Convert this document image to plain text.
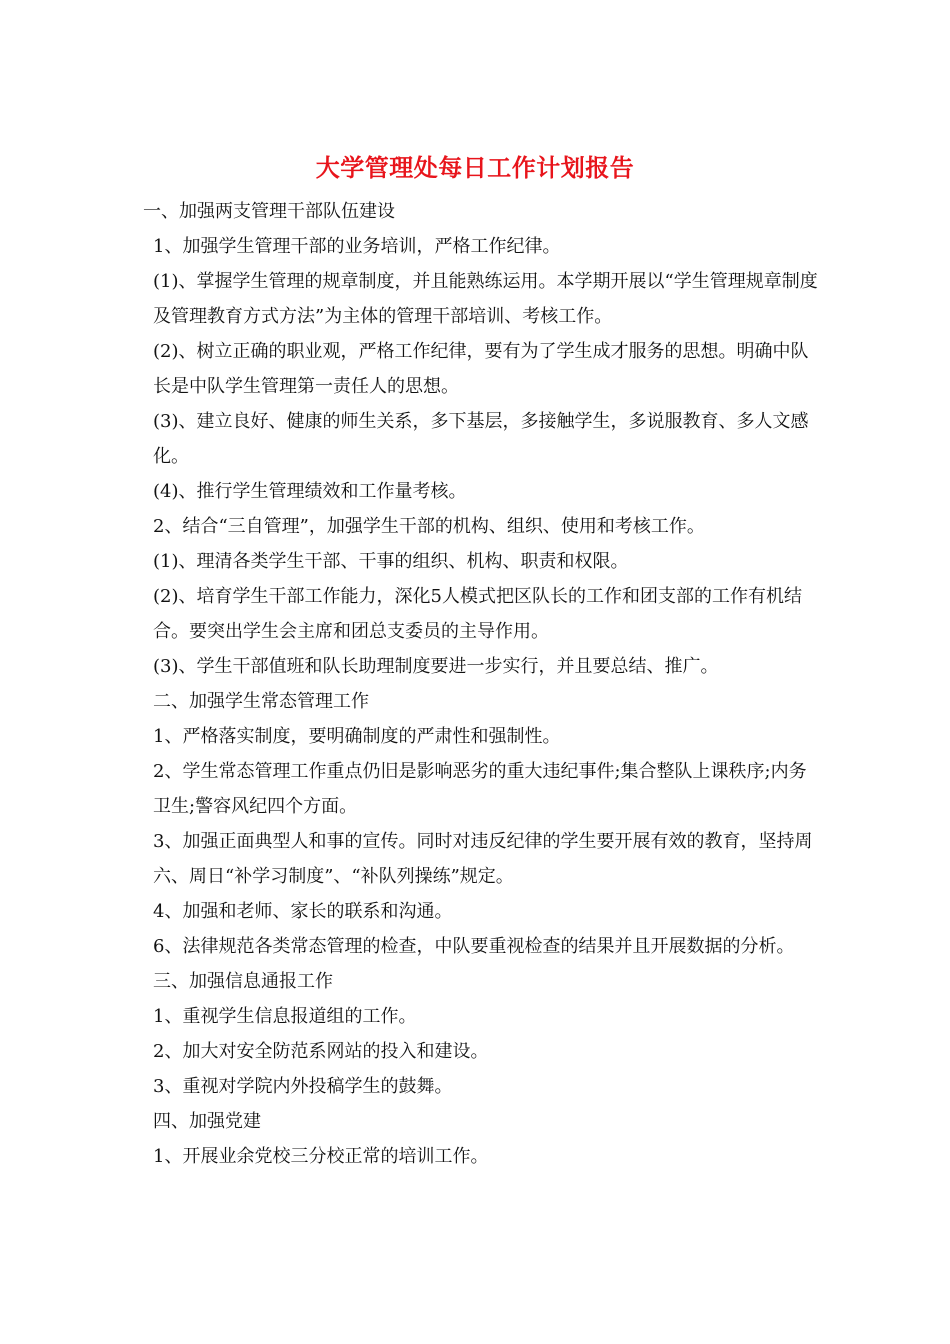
大学管理处每日工作计划报告

一、加强两支管理干部队伍建设

1、加强学生管理干部的业务培训，严格工作纪律。

(1)、掌握学生管理的规章制度，并且能熟练运用。本学期开展以“学生管理规章制度及管理教育方式方法”为主体的管理干部培训、考核工作。

(2)、树立正确的职业观，严格工作纪律，要有为了学生成才服务的思想。明确中队长是中队学生管理第一责任人的思想。

(3)、建立良好、健康的师生关系，多下基层，多接触学生，多说服教育、多人文感化。

(4)、推行学生管理绩效和工作量考核。

2、结合“三自管理”，加强学生干部的机构、组织、使用和考核工作。

(1)、理清各类学生干部、干事的组织、机构、职责和权限。

(2)、培育学生干部工作能力，深化5人模式把区队长的工作和团支部的工作有机结合。要突出学生会主席和团总支委员的主导作用。

(3)、学生干部值班和队长助理制度要进一步实行，并且要总结、推广。

二、加强学生常态管理工作

1、严格落实制度，要明确制度的严肃性和强制性。

2、学生常态管理工作重点仍旧是影响恶劣的重大违纪事件;集合整队上课秩序;内务卫生;警容风纪四个方面。

3、加强正面典型人和事的宣传。同时对违反纪律的学生要开展有效的教育，坚持周六、周日“补学习制度”、“补队列操练”规定。

4、加强和老师、家长的联系和沟通。

6、法律规范各类常态管理的检查，中队要重视检查的结果并且开展数据的分析。

三、加强信息通报工作

1、重视学生信息报道组的工作。

2、加大对安全防范系网站的投入和建设。

3、重视对学院内外投稿学生的鼓舞。

四、加强党建

1、开展业余党校三分校正常的培训工作。
